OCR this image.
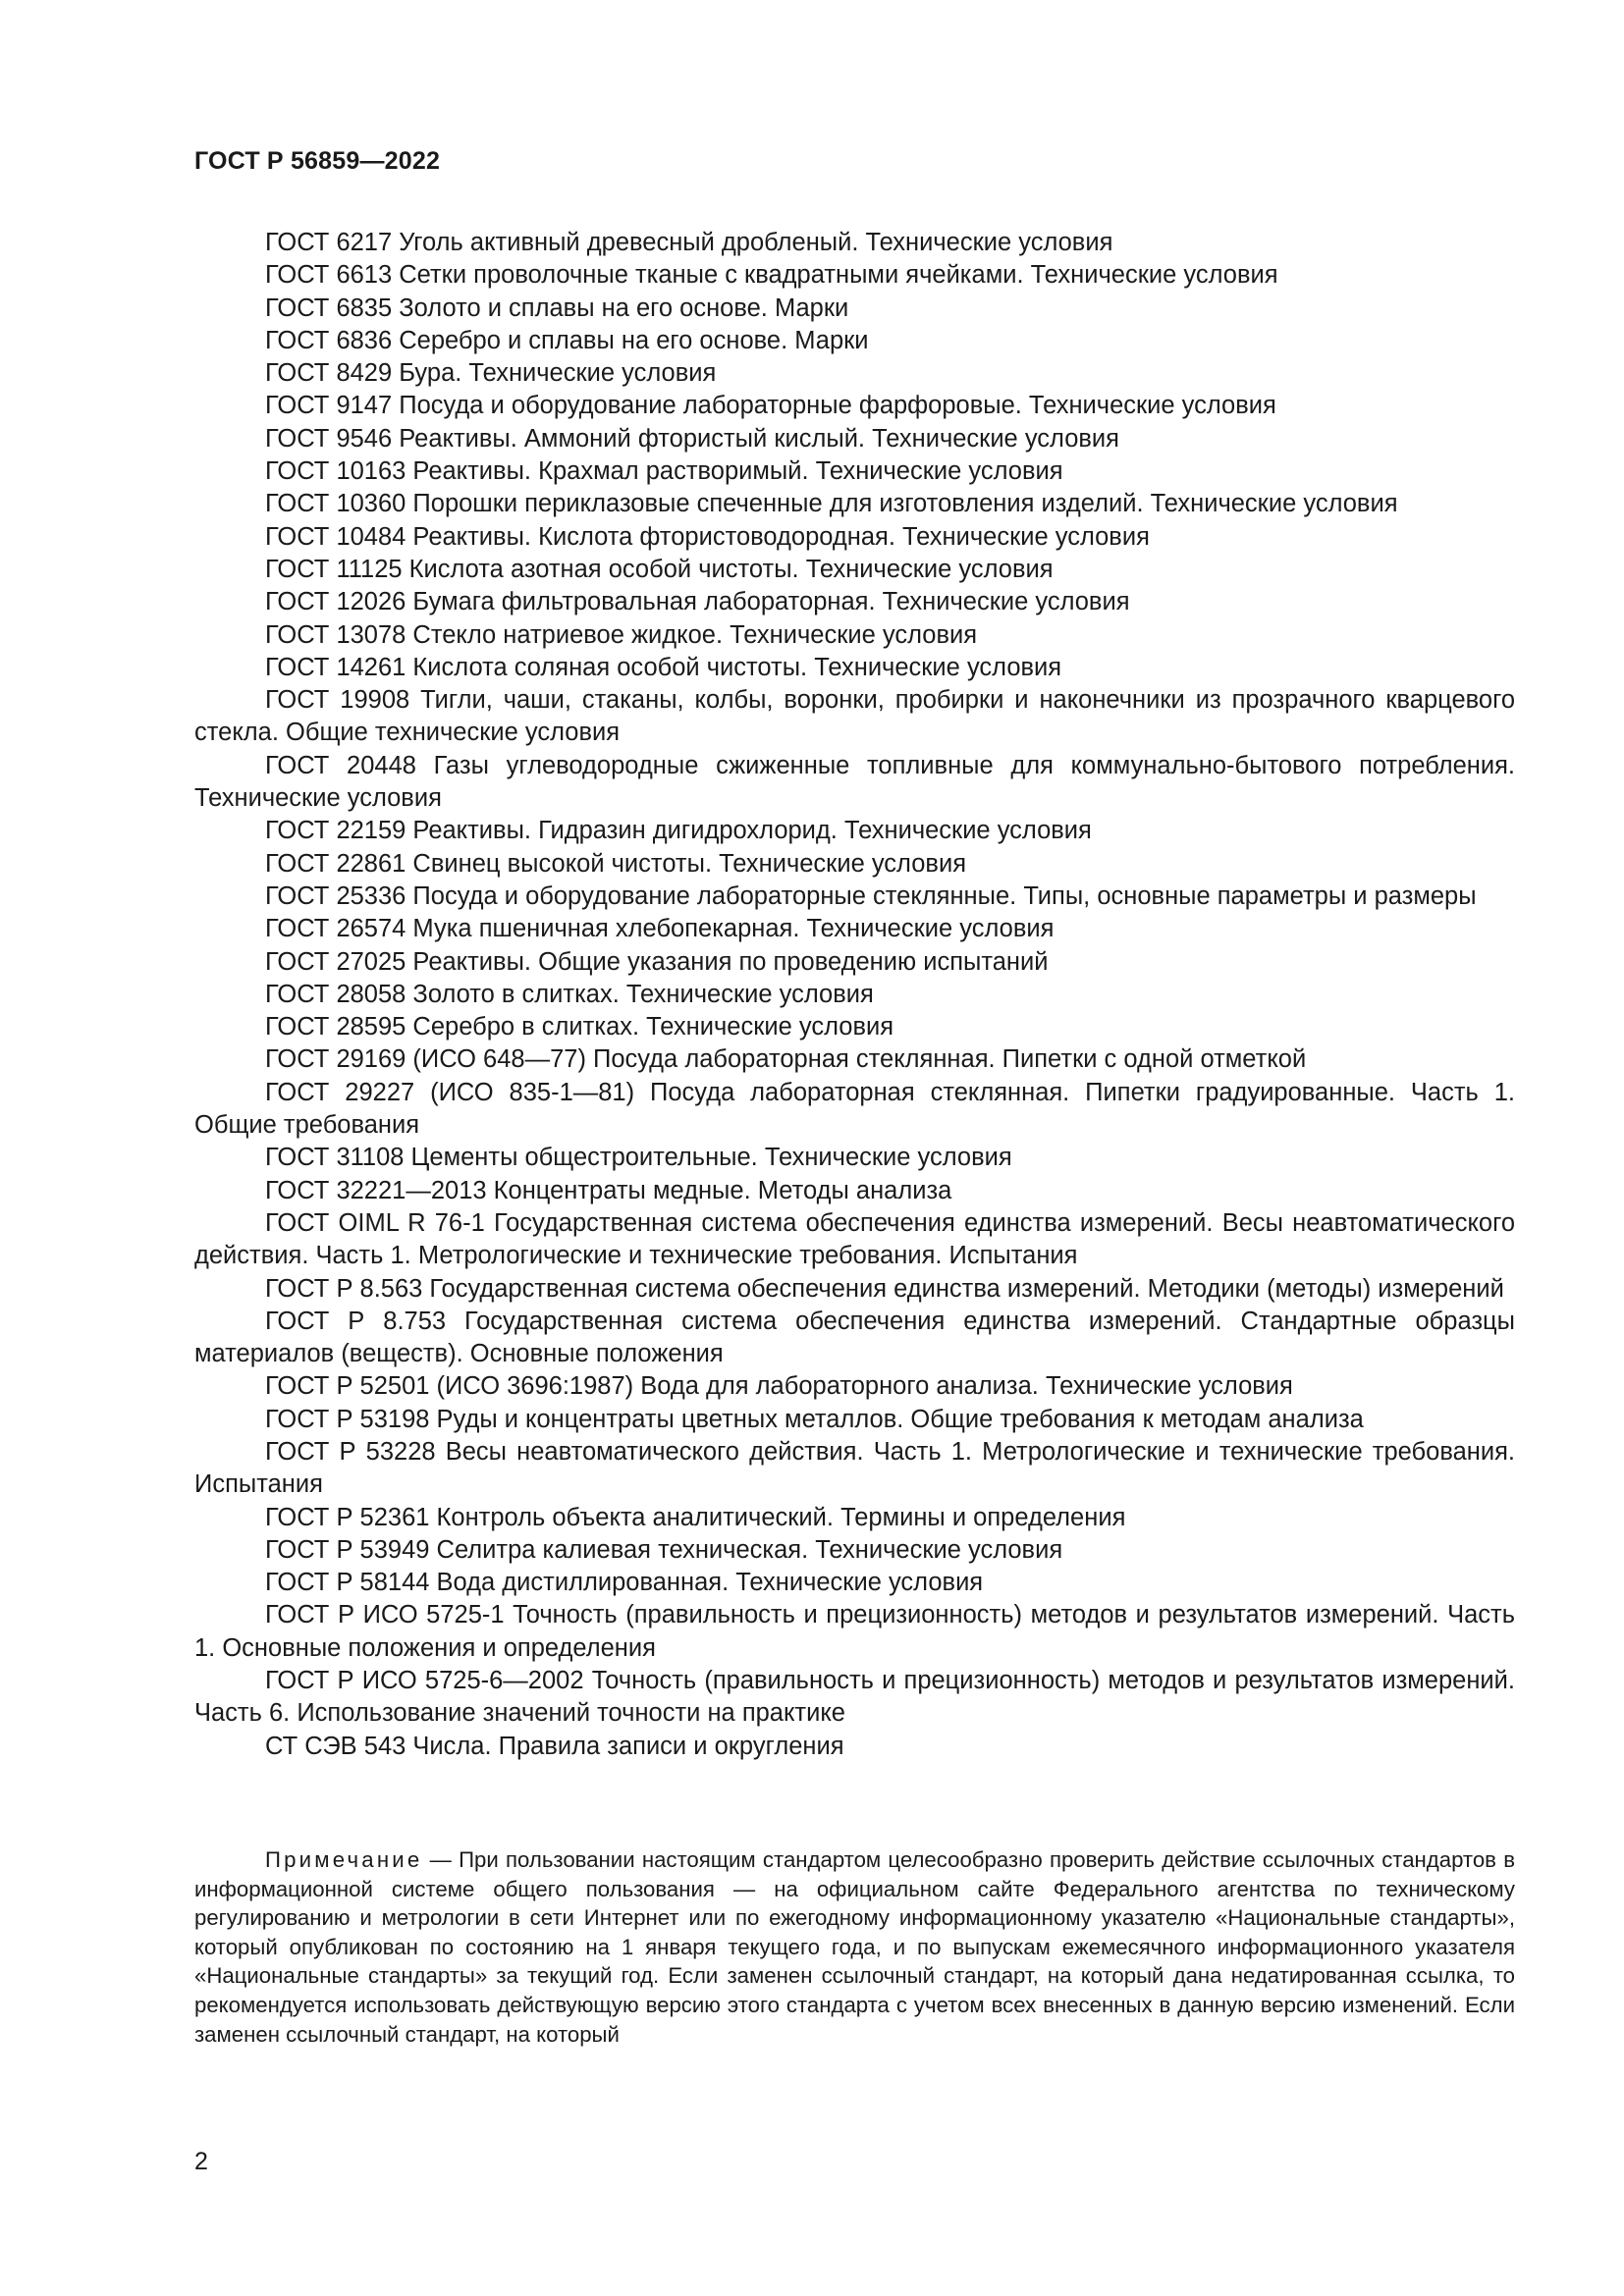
ГОСТ Р 56859—2022

ГОСТ 6217 Уголь активный древесный дробленый. Технические условия

ГОСТ 6613 Сетки проволочные тканые с квадратными ячейками. Технические условия

ГОСТ 6835 Золото и сплавы на его основе. Марки

ГОСТ 6836 Серебро и сплавы на его основе. Марки

ГОСТ 8429 Бура. Технические условия

ГОСТ 9147 Посуда и оборудование лабораторные фарфоровые. Технические условия

ГОСТ 9546 Реактивы. Аммоний фтористый кислый. Технические условия

ГОСТ 10163 Реактивы. Крахмал растворимый. Технические условия

ГОСТ 10360 Порошки периклазовые спеченные для изготовления изделий. Технические условия

ГОСТ 10484 Реактивы. Кислота фтористоводородная. Технические условия

ГОСТ 11125 Кислота азотная особой чистоты. Технические условия

ГОСТ 12026 Бумага фильтровальная лабораторная. Технические условия

ГОСТ 13078 Стекло натриевое жидкое. Технические условия

ГОСТ 14261 Кислота соляная особой чистоты. Технические условия

ГОСТ 19908 Тигли, чаши, стаканы, колбы, воронки, пробирки и наконечники из прозрачного кварцевого стекла. Общие технические условия

ГОСТ 20448 Газы углеводородные сжиженные топливные для коммунально-бытового потребления. Технические условия

ГОСТ 22159 Реактивы. Гидразин дигидрохлорид. Технические условия

ГОСТ 22861 Свинец высокой чистоты. Технические условия

ГОСТ 25336 Посуда и оборудование лабораторные стеклянные. Типы, основные параметры и размеры

ГОСТ 26574 Мука пшеничная хлебопекарная. Технические условия

ГОСТ 27025 Реактивы. Общие указания по проведению испытаний

ГОСТ 28058 Золото в слитках. Технические условия

ГОСТ 28595 Серебро в слитках. Технические условия

ГОСТ 29169 (ИСО 648—77) Посуда лабораторная стеклянная. Пипетки с одной отметкой

ГОСТ 29227 (ИСО 835-1—81) Посуда лабораторная стеклянная. Пипетки градуированные. Часть 1. Общие требования

ГОСТ 31108 Цементы общестроительные. Технические условия

ГОСТ 32221—2013 Концентраты медные. Методы анализа

ГОСТ OIML R 76-1 Государственная система обеспечения единства измерений. Весы неавтоматического действия. Часть 1. Метрологические и технические требования. Испытания

ГОСТ Р 8.563 Государственная система обеспечения единства измерений. Методики (методы) измерений

ГОСТ Р 8.753 Государственная система обеспечения единства измерений. Стандартные образцы материалов (веществ). Основные положения

ГОСТ Р 52501 (ИСО 3696:1987) Вода для лабораторного анализа. Технические условия

ГОСТ Р 53198 Руды и концентраты цветных металлов. Общие требования к методам анализа

ГОСТ Р 53228 Весы неавтоматического действия. Часть 1. Метрологические и технические требования. Испытания

ГОСТ Р 52361 Контроль объекта аналитический. Термины и определения

ГОСТ Р 53949 Селитра калиевая техническая. Технические условия

ГОСТ Р 58144 Вода дистиллированная. Технические условия

ГОСТ Р ИСО 5725-1 Точность (правильность и прецизионность) методов и результатов измерений. Часть 1. Основные положения и определения

ГОСТ Р ИСО 5725-6—2002 Точность (правильность и прецизионность) методов и результатов измерений. Часть 6. Использование значений точности на практике

СТ СЭВ 543 Числа. Правила записи и округления

Примечание — При пользовании настоящим стандартом целесообразно проверить действие ссылочных стандартов в информационной системе общего пользования — на официальном сайте Федерального агентства по техническому регулированию и метрологии в сети Интернет или по ежегодному информационному указателю «Национальные стандарты», который опубликован по состоянию на 1 января текущего года, и по выпускам ежемесячного информационного указателя «Национальные стандарты» за текущий год. Если заменен ссылочный стандарт, на который дана недатированная ссылка, то рекомендуется использовать действующую версию этого стандарта с учетом всех внесенных в данную версию изменений. Если заменен ссылочный стандарт, на который

2
